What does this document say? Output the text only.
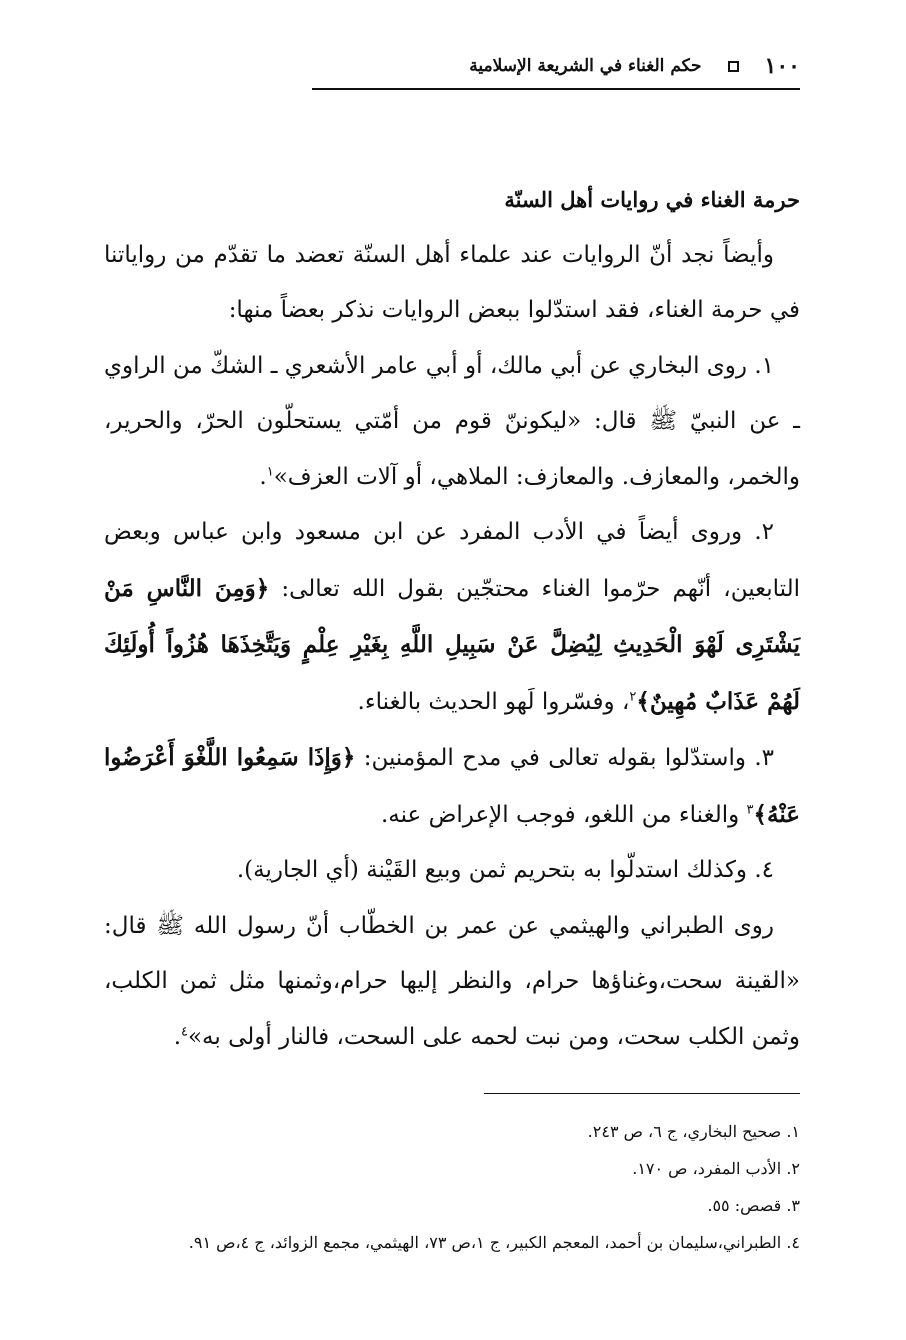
١٠٠
حكم الغناء في الشريعة الإسلامية

حرمة الغناء في روايات أهل السنّة

وأيضاً نجد أنّ الروايات عند علماء أهل السنّة تعضد ما تقدّم من رواياتنا في حرمة الغناء، فقد استدّلوا ببعض الروايات نذكر بعضاً منها:

١. روى البخاري عن أبي مالك، أو أبي عامر الأشعري ـ الشكّ من الراوي ـ عن النبيّ ﷺ قال: «ليكوننّ قوم من أمّتي يستحلّون الحرّ، والحرير، والخمر، والمعازف. والمعازف: الملاهي، أو آلات العزف»$^١$.

٢. وروى أيضاً في الأدب المفرد عن ابن مسعود وابن عباس وبعض التابعين، أنّهم حرّموا الغناء محتجّين بقول الله تعالى: ﴿وَمِنَ النَّاسِ مَنْ يَشْتَرِى لَهْوَ الْحَدِيثِ لِيُضِلَّ عَنْ سَبِيلِ اللَّهِ بِغَيْرِ عِلْمٍ وَيَتَّخِذَهَا هُزُواً أُولَئِكَ لَهُمْ عَذَابٌ مُهِينٌ﴾$^٢$، وفسّروا لَهو الحديث بالغناء.

٣. واستدّلوا بقوله تعالى في مدح المؤمنين: ﴿وَإِذَا سَمِعُوا اللَّغْوَ أَعْرَضُوا عَنْهُ﴾$^٣$ والغناء من اللغو، فوجب الإعراض عنه.

٤. وكذلك استدلّوا به بتحريم ثمن وبيع القَيْنة (أي الجارية).

روى الطبراني والهيثمي عن عمر بن الخطّاب أنّ رسول الله ﷺ قال: «القينة سحت،وغناؤها حرام، والنظر إليها حرام،وثمنها مثل ثمن الكلب، وثمن الكلب سحت، ومن نبت لحمه على السحت، فالنار أولى به»$^٤$.

١. صحيح البخاري، ج ٦، ص ٢٤٣.

٢. الأدب المفرد، ص ١٧٠.

٣. قصص: ٥٥.

٤. الطبراني،سليمان بن أحمد، المعجم الكبير، ج ١،ص ٧٣، الهيثمي، مجمع الزوائد، ج ٤،ص ٩١.
